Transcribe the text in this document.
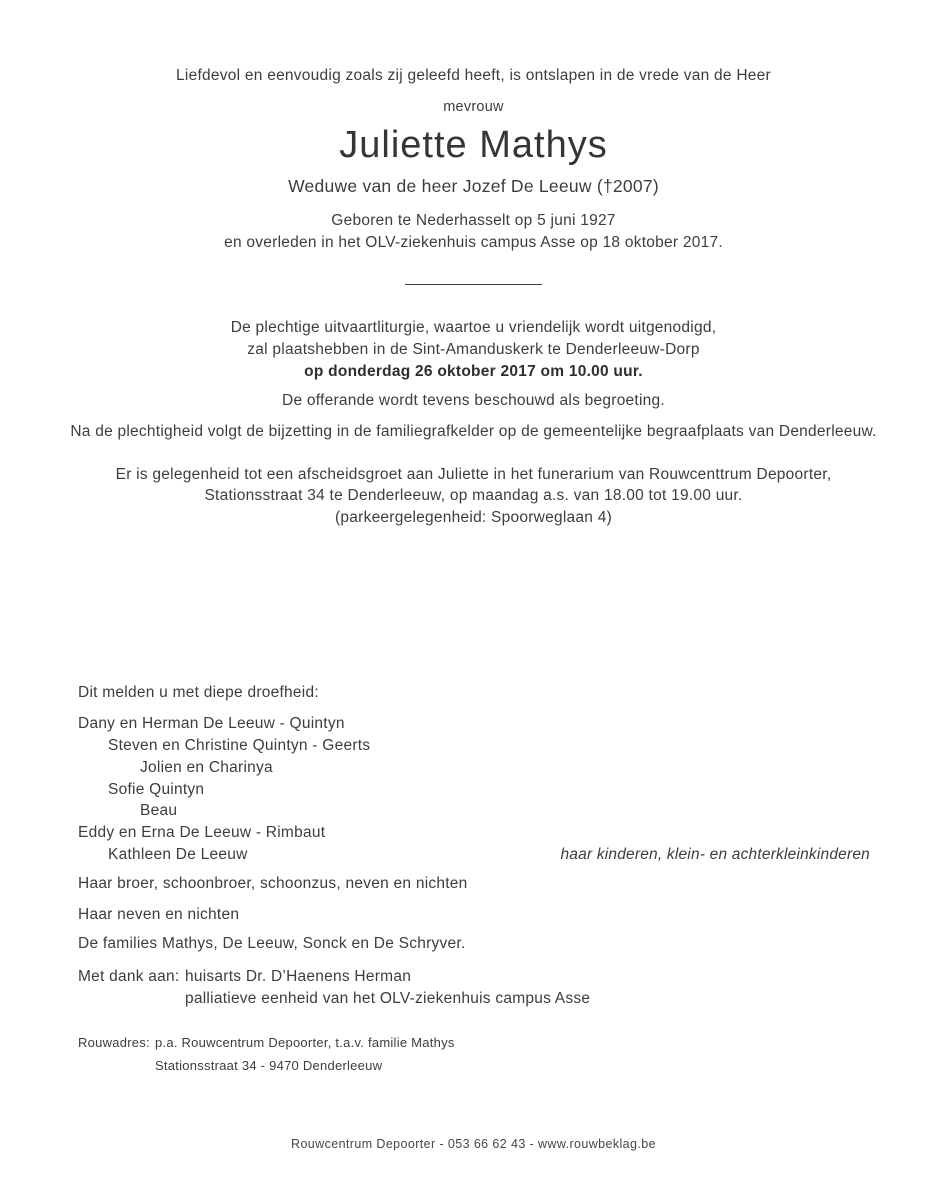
Liefdevol en eenvoudig zoals zij geleefd heeft, is ontslapen in de vrede van de Heer
mevrouw
Juliette Mathys
Weduwe van de heer Jozef De Leeuw (†2007)
Geboren te Nederhasselt op 5 juni 1927
en overleden in het OLV-ziekenhuis campus Asse op 18 oktober 2017.
De plechtige uitvaartliturgie, waartoe u vriendelijk wordt uitgenodigd,
zal plaatshebben in de Sint-Amanduskerk te Denderleeuw-Dorp
op donderdag 26 oktober 2017 om 10.00 uur.
De offerande wordt tevens beschouwd als begroeting.
Na de plechtigheid volgt de bijzetting in de familiegrafkelder op de gemeentelijke begraafplaats van Denderleeuw.
Er is gelegenheid tot een afscheidsgroet aan Juliette in het funerarium van Rouwcenttrum Depoorter,
Stationsstraat 34 te Denderleeuw, op maandag a.s. van 18.00 tot 19.00 uur.
(parkeergelegenheid: Spoorweglaan 4)
Dit melden u met diepe droefheid:
Dany en Herman De Leeuw - Quintyn
Steven en Christine Quintyn - Geerts
Jolien en Charinya
Sofie Quintyn
Beau
Eddy en Erna De Leeuw - Rimbaut
Kathleen De Leeuw	haar kinderen, klein- en achterkleinkinderen
Haar broer, schoonbroer, schoonzus, neven en nichten
Haar neven en nichten
De families Mathys, De Leeuw, Sonck en De Schryver.
Met dank aan: huisarts Dr. D’Haenens Herman
palliatieve eenheid van het OLV-ziekenhuis campus Asse
Rouwadres: p.a. Rouwcentrum Depoorter, t.a.v. familie Mathys
Stationsstraat 34 - 9470 Denderleeuw
Rouwcentrum Depoorter - 053 66 62 43 - www.rouwbeklag.be
